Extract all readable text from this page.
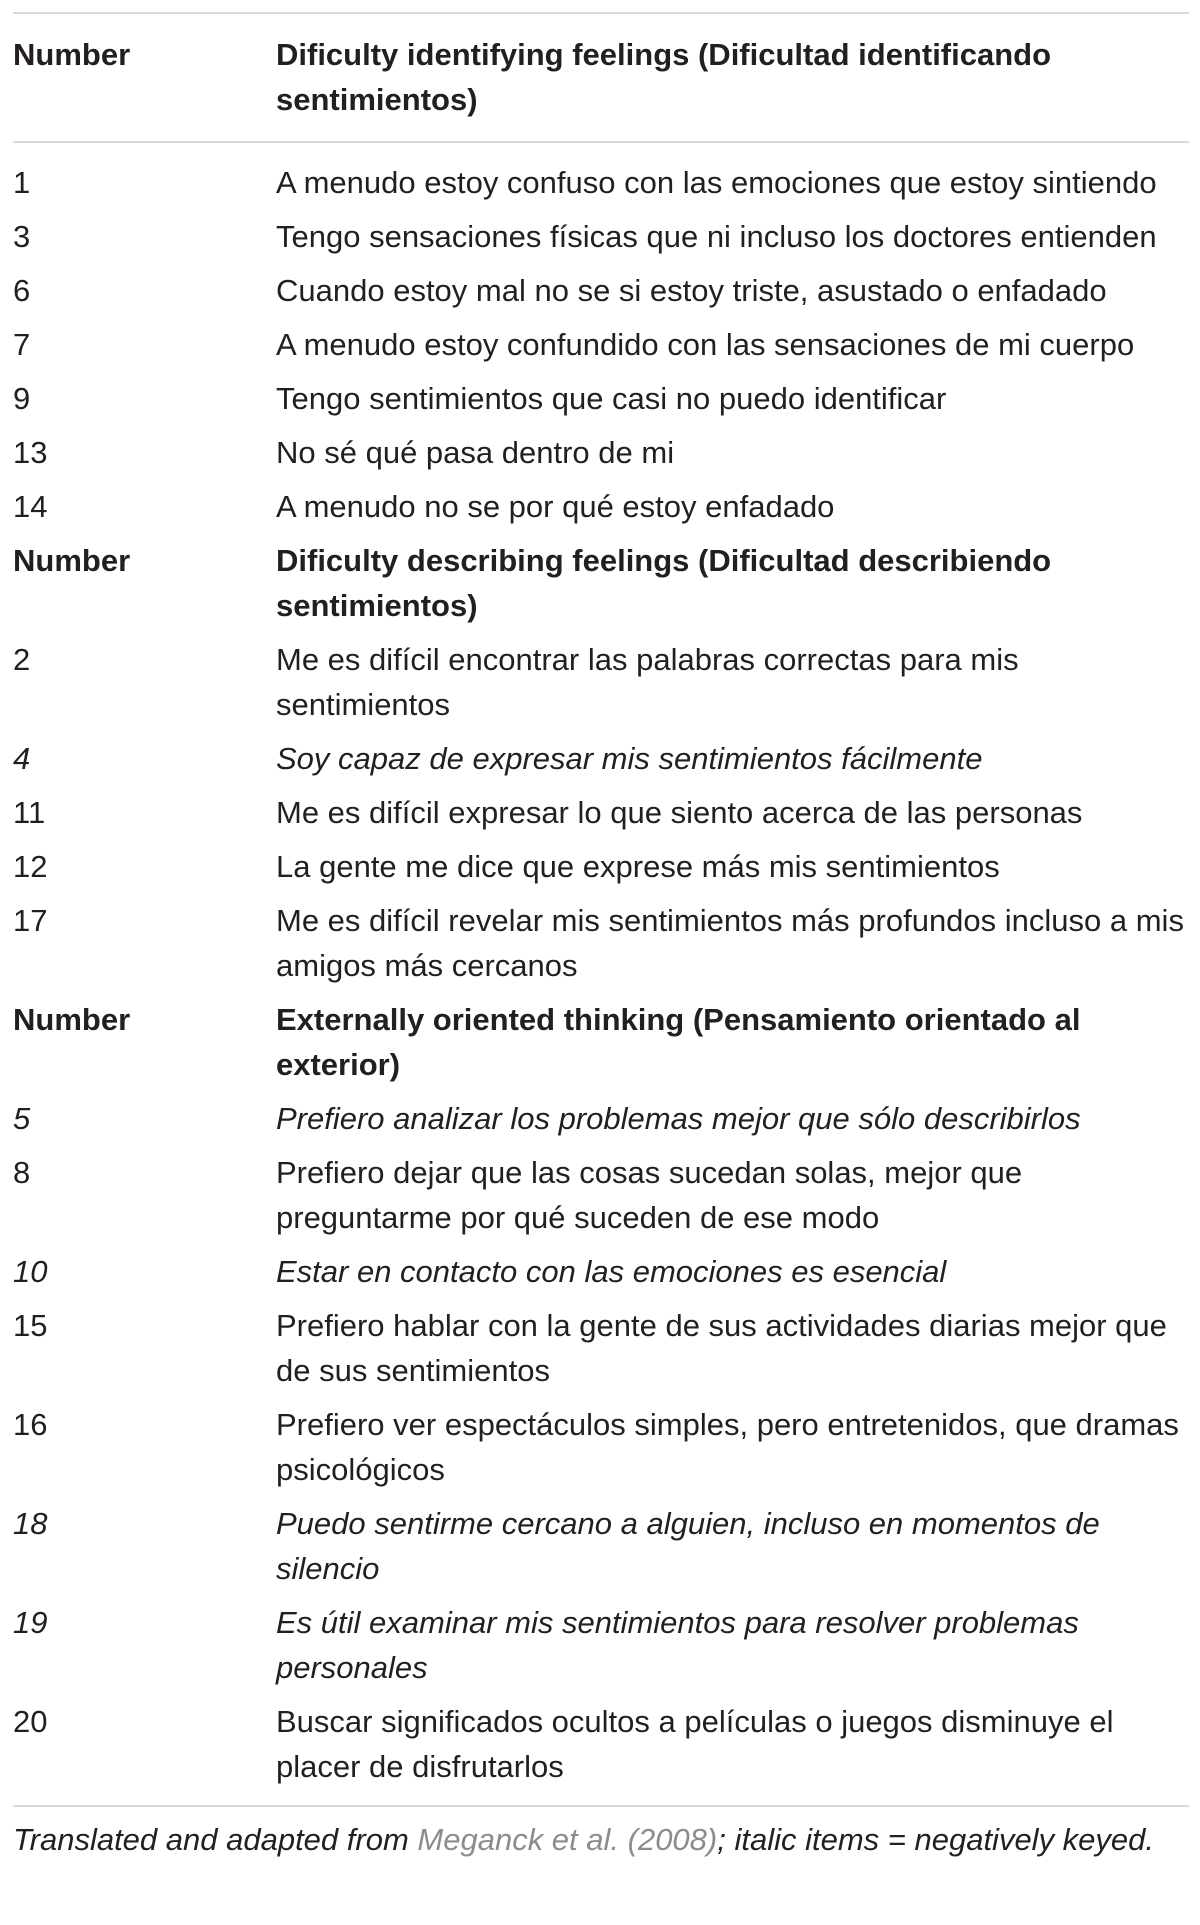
Number	Dificulty identifying feelings (Dificultad identificando sentimientos)
1	A menudo estoy confuso con las emociones que estoy sintiendo
3	Tengo sensaciones físicas que ni incluso los doctores entienden
6	Cuando estoy mal no se si estoy triste, asustado o enfadado
7	A menudo estoy confundido con las sensaciones de mi cuerpo
9	Tengo sentimientos que casi no puedo identificar
13	No sé qué pasa dentro de mi
14	A menudo no se por qué estoy enfadado
Number	Dificulty describing feelings (Dificultad describiendo sentimientos)
2	Me es difícil encontrar las palabras correctas para mis sentimientos
4	Soy capaz de expresar mis sentimientos fácilmente
11	Me es difícil expresar lo que siento acerca de las personas
12	La gente me dice que exprese más mis sentimientos
17	Me es difícil revelar mis sentimientos más profundos incluso a mis amigos más cercanos
Number	Externally oriented thinking (Pensamiento orientado al exterior)
5	Prefiero analizar los problemas mejor que sólo describirlos
8	Prefiero dejar que las cosas sucedan solas, mejor que preguntarme por qué suceden de ese modo
10	Estar en contacto con las emociones es esencial
15	Prefiero hablar con la gente de sus actividades diarias mejor que de sus sentimientos
16	Prefiero ver espectáculos simples, pero entretenidos, que dramas psicológicos
18	Puedo sentirme cercano a alguien, incluso en momentos de silencio
19	Es útil examinar mis sentimientos para resolver problemas personales
20	Buscar significados ocultos a películas o juegos disminuye el placer de disfrutarlos
Translated and adapted from Meganck et al. (2008); italic items = negatively keyed.
